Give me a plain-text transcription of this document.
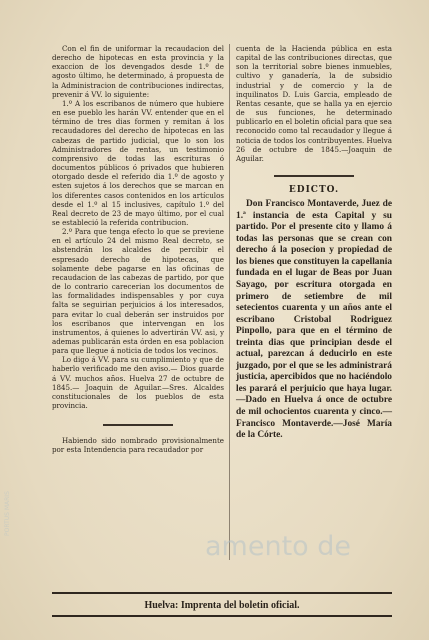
Con el fin de uniformar la recaudacion del derecho de hipotecas en esta provincia y la exaccion de los devengados desde 1.º de agosto último, he determinado, á propuesta de la Administracion de contribuciones indirectas, prevenir á VV. lo siguiente:

1.º A los escribanos de número que hubiere en ese pueblo les harán VV. entender que en el término de tres dias formen y remitan á los recaudadores del derecho de hipotecas en las cabezas de partido judicial, que lo son los Administradores de rentas, un testimonio comprensivo de todas las escrituras ó documentos públicos ó privados que hubieren otorgado desde el referido dia 1.º de agosto y esten sujetos á los derechos que se marcan en los diferentes casos contenidos en los artículos desde el 1.º al 15 inclusives, capítulo 1.º del Real decreto de 23 de mayo último, por el cual se estableció la referida contribucion.

2.º Para que tenga efecto lo que se previene en el artículo 24 del mismo Real decreto, se abstendrán los alcaldes de percibir el espresado derecho de hipotecas, que solamente debe pagarse en las oficinas de recaudacion de las cabezas de partido, por que de lo contrario carecerian los documentos de las formalidades indispensables y por cuya falta se seguirian perjuicios á los interesados, para evitar lo cual deberán ser instruidos por los escribanos que intervengan en los instrumentos, á quienes lo advertirán VV. asi, y ademas publicarán esta órden en esa poblacion para que llegue á noticia de todos los vecinos.

Lo digo á VV. para su cumplimiento y que de haberlo verificado me den aviso.— Dios guarde á VV. muchos años. Huelva 27 de octubre de 1845.— Joaquin de Aguilar.—Sres. Alcaldes constitucionales de los pueblos de esta provincia.

Habiendo sido nombrado provisionalmente por esta Intendencia para recaudador por

cuenta de la Hacienda pública en esta capital de las contribuciones directas, que son la territorial sobre bienes inmuebles, cultivo y ganadería, la de subsidio industrial y de comercio y la de inquilinatos D. Luis Garcia, empleado de Rentas cesante, que se halla ya en ejercio de sus funciones, he determinado publicarlo en el boletin oficial para que sea reconocido como tal recaudador y llegue á noticia de todos los contribuyentes. Huelva 26 de octubre de 1845.—Joaquin de Aguilar.

EDICTO.

Don Francisco Montaverde, Juez de 1.ª instancia de esta Capital y su partido. Por el presente cito y llamo á todas las personas que se crean con derecho á la posecion y propiedad de los bienes que constituyen la capellania fundada en el lugar de Beas por Juan Sayago, por escritura otorgada en primero de setiembre de mil setecientos cuarenta y un años ante el escribano Cristobal Rodriguez Pinpollo, para que en el término de treinta dias que principian desde el actual, parezcan á deducirlo en este juzgado, por el que se les administrará justicia, apercibidos que no haciéndolo les parará el perjuicio que haya lugar.—Dado en Huelva á once de octubre de mil ochocientos cuarenta y cinco.—Francisco Montaverde.—José María de la Córte.

amento de
PORTUS MARIS
Huelva: Imprenta del boletin oficial.
